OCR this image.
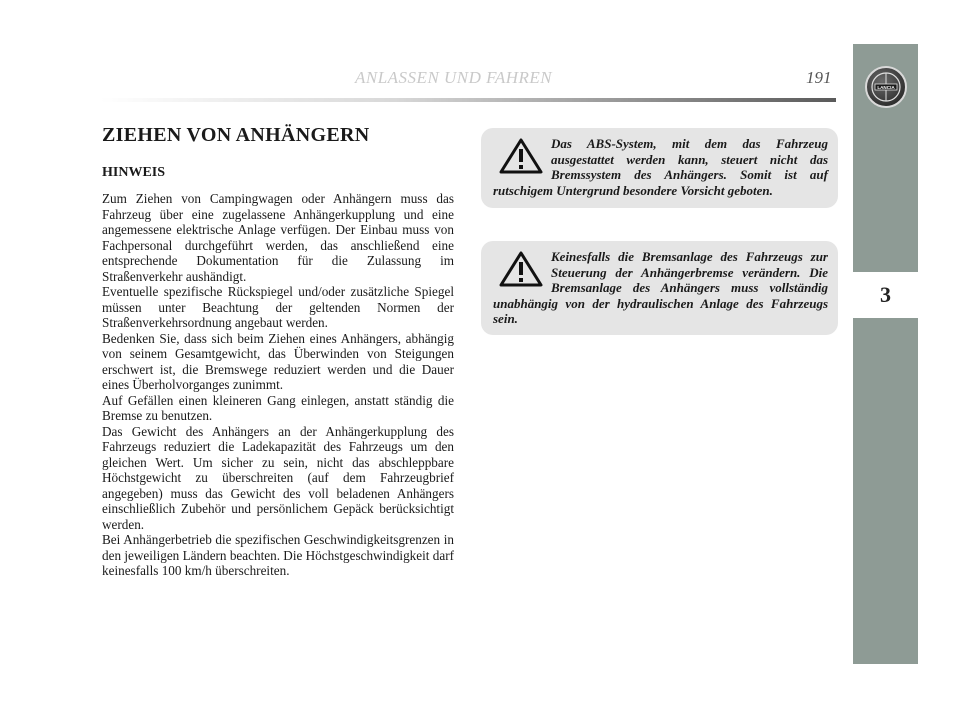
ANLASSEN UND FAHREN	191
LANCIA
3
ZIEHEN VON ANHÄNGERN
HINWEIS

Zum Ziehen von Campingwagen oder Anhängern muss das Fahrzeug über eine zugelassene Anhängerkupplung und eine angemessene elektrische Anlage verfügen. Der Einbau muss von Fachpersonal durchgeführt werden, das anschließend eine entsprechende Dokumentation für die Zulassung im Straßenverkehr aushändigt.

Eventuelle spezifische Rückspiegel und/oder zusätzliche Spiegel müssen unter Beachtung der geltenden Normen der Straßenverkehrsordnung angebaut werden.

Bedenken Sie, dass sich beim Ziehen eines Anhängers, abhängig von seinem Gesamtgewicht, das Überwinden von Steigungen erschwert ist, die Bremswege reduziert werden und die Dauer eines Überholvorganges zunimmt.

Auf Gefällen einen kleineren Gang einlegen, anstatt ständig die Bremse zu benutzen.

Das Gewicht des Anhängers an der Anhängerkupplung des Fahrzeugs reduziert die Ladekapazität des Fahrzeugs um den gleichen Wert. Um sicher zu sein, nicht das abschleppbare Höchstgewicht zu überschreiten (auf dem Fahrzeugbrief angegeben) muss das Gewicht des voll beladenen Anhängers einschließlich Zubehör und persönlichem Gepäck berücksichtigt werden.

Bei Anhängerbetrieb die spezifischen Geschwindigkeitsgrenzen in den jeweiligen Ländern beachten. Die Höchstgeschwindigkeit darf keinesfalls 100 km/h überschreiten.

Das ABS-System, mit dem das Fahrzeug ausgestattet werden kann, steuert nicht das Bremssystem des Anhängers. Somit ist auf rutschigem Untergrund besondere Vorsicht geboten.

Keinesfalls die Bremsanlage des Fahrzeugs zur Steuerung der Anhängerbremse verändern. Die Bremsanlage des Anhängers muss vollständig unabhängig von der hydraulischen Anlage des Fahrzeugs sein.
